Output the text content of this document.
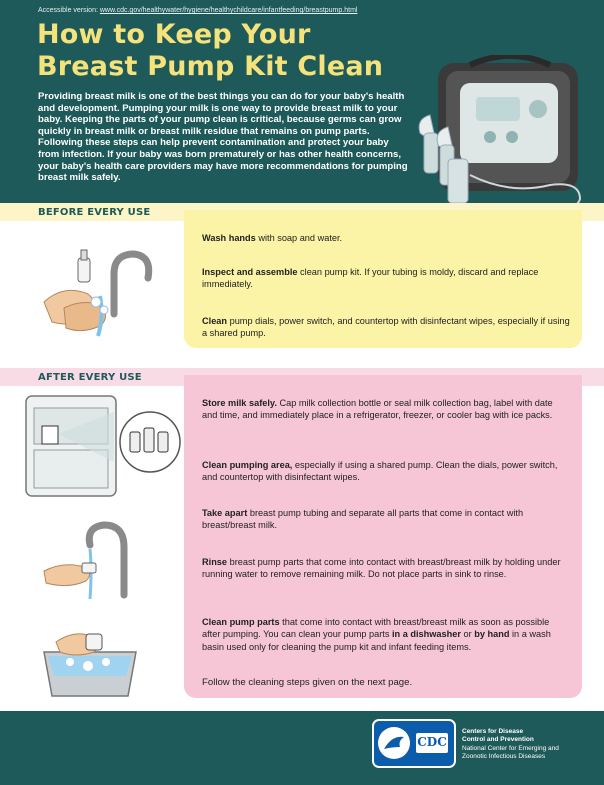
Accessible version: www.cdc.gov/healthywater/hygiene/healthychildcare/infantfeeding/breastpump.html
How to Keep Your
Breast Pump Kit Clean
Providing breast milk is one of the best things you can do for your baby's health and development. Pumping your milk is one way to provide breast milk to your baby. Keeping the parts of your pump clean is critical, because germs can grow quickly in breast milk or breast milk residue that remains on pump parts. Following these steps can help prevent contamination and protect your baby from infection. If your baby was born prematurely or has other health concerns, your baby's health care providers may have more recommendations for pumping breast milk safely.
BEFORE EVERY USE
Wash hands with soap and water.
Inspect and assemble clean pump kit. If your tubing is moldy, discard and replace immediately.
Clean pump dials, power switch, and countertop with disinfectant wipes, especially if using a shared pump.
AFTER EVERY USE
Store milk safely. Cap milk collection bottle or seal milk collection bag, label with date and time, and immediately place in a refrigerator, freezer, or cooler bag with ice packs.
Clean pumping area, especially if using a shared pump. Clean the dials, power switch, and countertop with disinfectant wipes.
Take apart breast pump tubing and separate all parts that come in contact with breast/breast milk.
Rinse breast pump parts that come into contact with breast/breast milk by holding under running water to remove remaining milk. Do not place parts in sink to rinse.
Clean pump parts that come into contact with breast/breast milk as soon as possible after pumping. You can clean your pump parts in a dishwasher or by hand in a wash basin used only for cleaning the pump kit and infant feeding items.
Follow the cleaning steps given on the next page.
CDC
Centers for Disease
Control and Prevention
National Center for Emerging and
Zoonotic Infectious Diseases
